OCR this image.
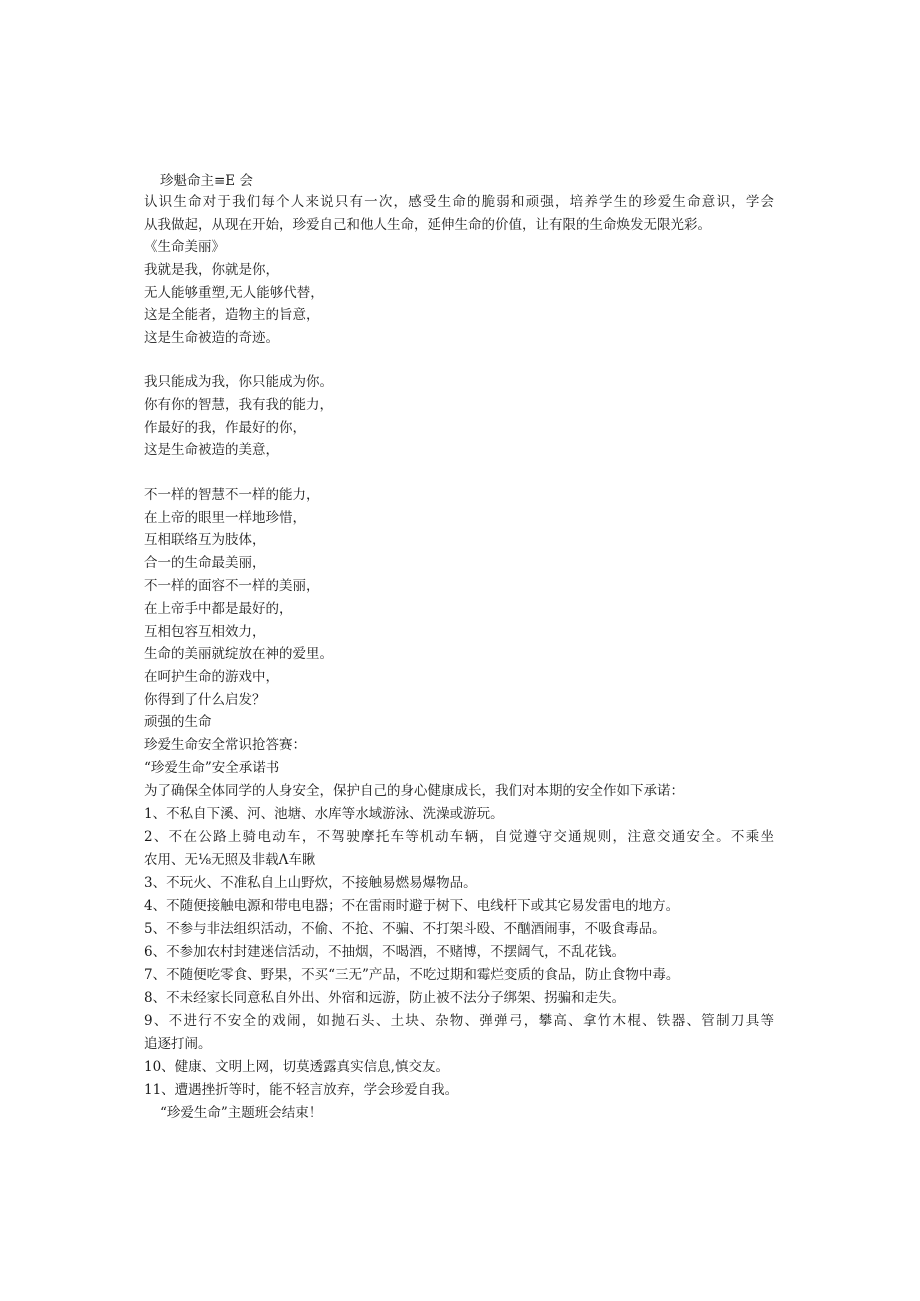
珍魁命主≡E 会
认识生命对于我们每个人来说只有一次，感受生命的脆弱和顽强，培养学生的珍爱生命意识，学会
从我做起，从现在开始，珍爱自己和他人生命，延伸生命的价值，让有限的生命焕发无限光彩。
《生命美丽》
我就是我，你就是你，
无人能够重塑,无人能够代替，
这是全能者，造物主的旨意，
这是生命被造的奇迹。
我只能成为我，你只能成为你。
你有你的智慧，我有我的能力，
作最好的我，作最好的你，
这是生命被造的美意，
不一样的智慧不一样的能力，
在上帝的眼里一样地珍惜，
互相联络互为肢体，
合一的生命最美丽，
不一样的面容不一样的美丽，
在上帝手中都是最好的，
互相包容互相效力，
生命的美丽就绽放在神的爱里。
在呵护生命的游戏中，
你得到了什么启发？
顽强的生命
珍爱生命安全常识抢答赛：
“珍爱生命”安全承诺书
为了确保全体同学的人身安全，保护自己的身心健康成长，我们对本期的安全作如下承诺：
1、不私自下溪、河、池塘、水库等水域游泳、洗澡或游玩。
2、不在公路上骑电动车，不驾驶摩托车等机动车辆，自觉遵守交通规则，注意交通安全。不乘坐
农用、无⅛无照及非载Λ车瞅
3、不玩火、不准私自上山野炊，不接触易燃易爆物品。
4、不随便接触电源和带电电器；不在雷雨时避于树下、电线杆下或其它易发雷电的地方。
5、不参与非法组织活动，不偷、不抢、不骗、不打架斗殴、不酗酒闹事，不吸食毒品。
6、不参加农村封建迷信活动，不抽烟，不喝酒，不赌博，不摆阔气，不乱花钱。
7、不随便吃零食、野果，不买“三无”产品，不吃过期和霉烂变质的食品，防止食物中毒。
8、不未经家长同意私自外出、外宿和远游，防止被不法分子绑架、拐骗和走失。
9、不进行不安全的戏闹，如抛石头、土块、杂物、弹弹弓，攀高、拿竹木棍、铁器、管制刀具等
追逐打闹。
10、健康、文明上网，切莫透露真实信息,慎交友。
11、遭遇挫折等时，能不轻言放弃，学会珍爱自我。
“珍爱生命”主题班会结束！
